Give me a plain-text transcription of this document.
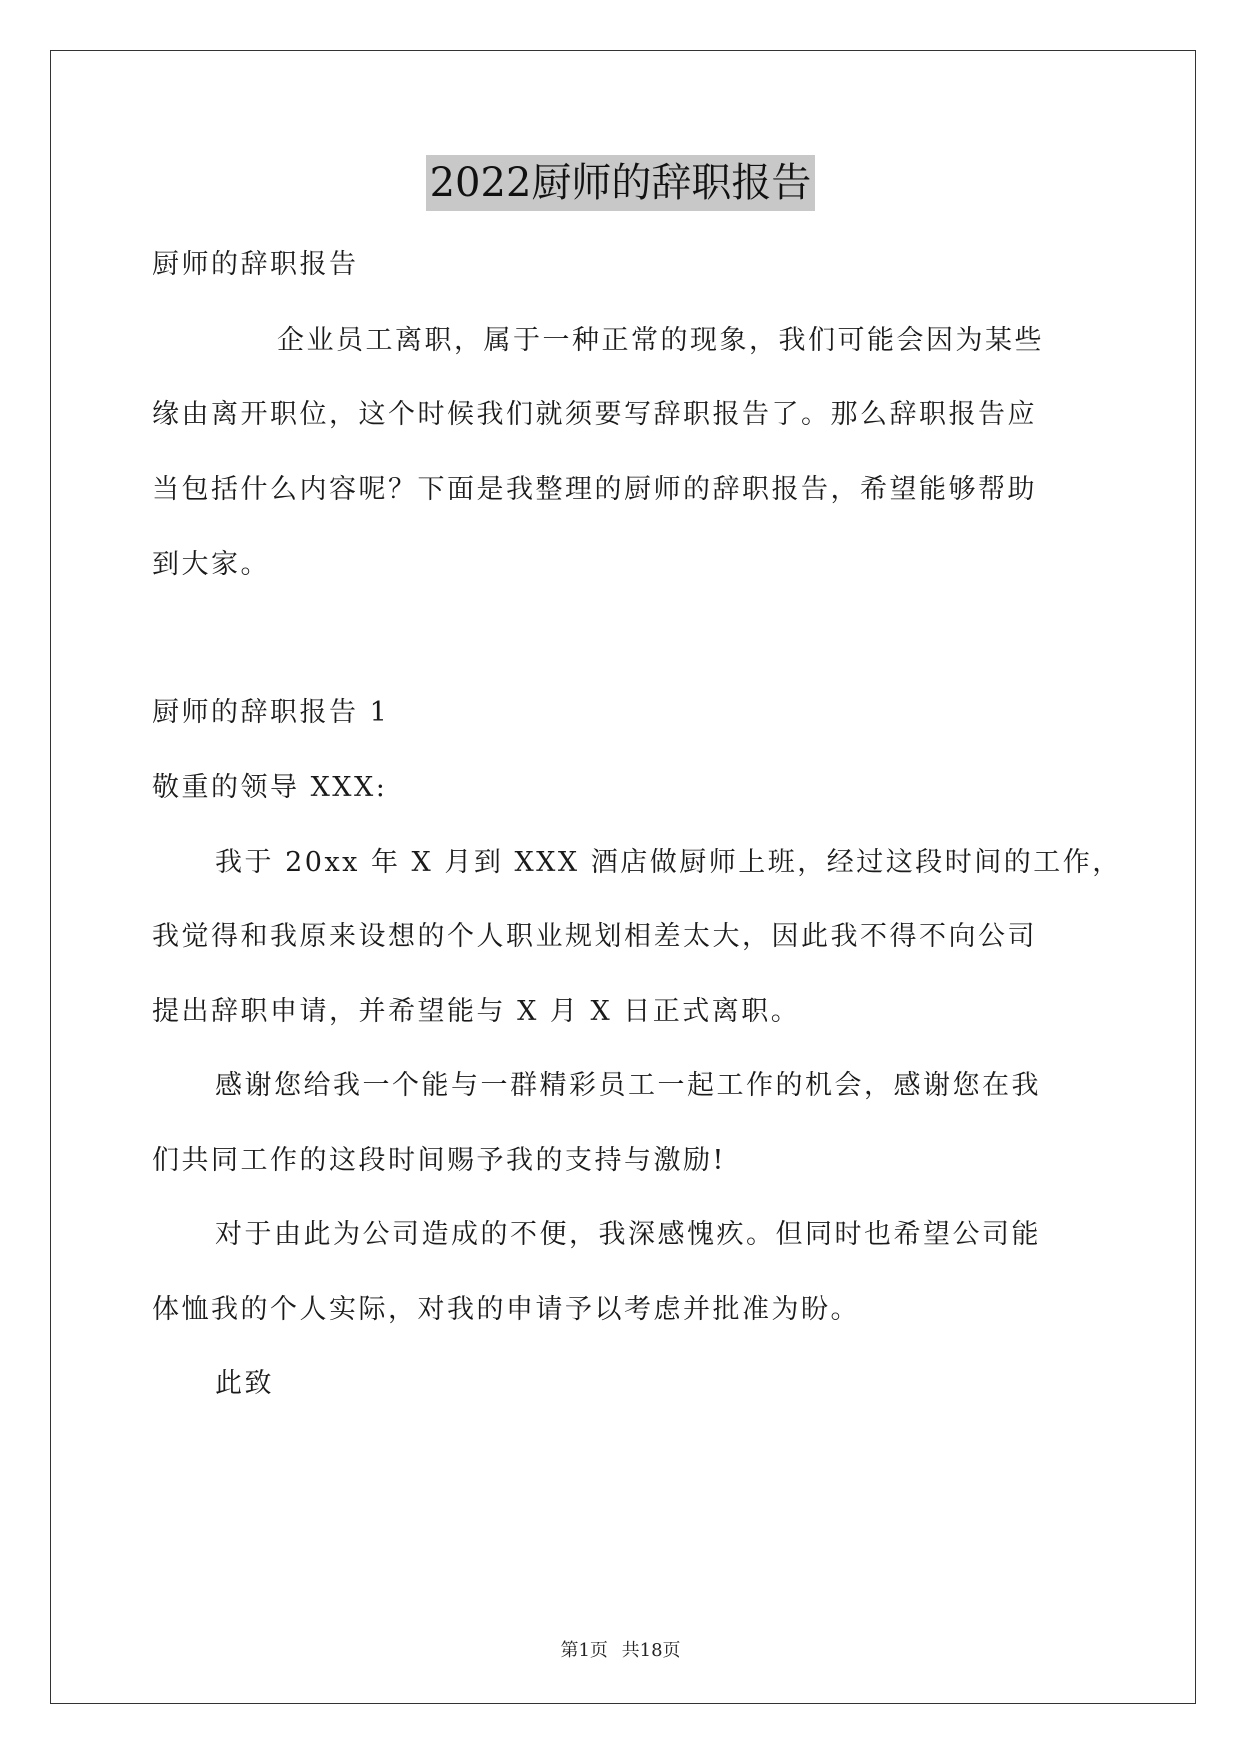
2022厨师的辞职报告
厨师的辞职报告
企业员工离职，属于一种正常的现象，我们可能会因为某些
缘由离开职位，这个时候我们就须要写辞职报告了。那么辞职报告应
当包括什么内容呢？下面是我整理的厨师的辞职报告，希望能够帮助
到大家。
厨师的辞职报告 1
敬重的领导 XXX:
我于 20xx 年 X 月到 XXX 酒店做厨师上班，经过这段时间的工作，
我觉得和我原来设想的个人职业规划相差太大，因此我不得不向公司
提出辞职申请，并希望能与 X 月 X 日正式离职。
感谢您给我一个能与一群精彩员工一起工作的机会，感谢您在我
们共同工作的这段时间赐予我的支持与激励!
对于由此为公司造成的不便，我深感愧疚。但同时也希望公司能
体恤我的个人实际，对我的申请予以考虑并批准为盼。
此致
第1页 共18页
